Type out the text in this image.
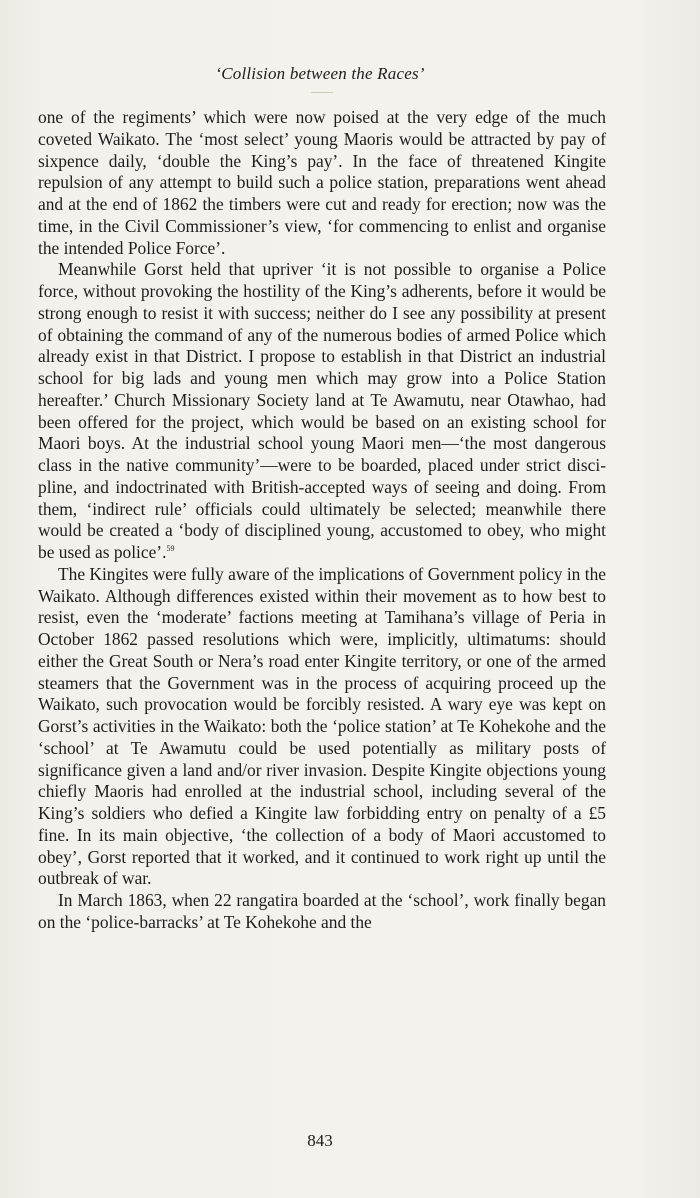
‘Collision between the Races’

one of the regiments’ which were now poised at the very edge of the much coveted Waikato. The ‘most select’ young Maoris would be attracted by pay of sixpence daily, ‘double the King’s pay’. In the face of threatened Kingite repulsion of any attempt to build such a police station, preparations went ahead and at the end of 1862 the timbers were cut and ready for erection; now was the time, in the Civil Commissioner’s view, ‘for commencing to enlist and organise the intended Police Force’.

Meanwhile Gorst held that upriver ‘it is not possible to organise a Police force, without provoking the hostility of the King’s adherents, before it would be strong enough to resist it with success; neither do I see any possibility at present of obtaining the command of any of the numerous bodies of armed Police which already exist in that District. I propose to establish in that District an industrial school for big lads and young men which may grow into a Police Station hereafter.’ Church Missionary Society land at Te Awamutu, near Otawhao, had been offered for the project, which would be based on an existing school for Maori boys. At the industrial school young Maori men—‘the most dangerous class in the native community’—were to be boarded, placed under strict discipline, and indoctrinated with British-accepted ways of seeing and doing. From them, ‘indirect rule’ officials could ultimately be selected; meanwhile there would be created a ‘body of disciplined young, accustomed to obey, who might be used as police’.$^{59}$

The Kingites were fully aware of the implications of Government policy in the Waikato. Although differences existed within their movement as to how best to resist, even the ‘moderate’ factions meeting at Tamihana’s village of Peria in October 1862 passed resolutions which were, implicitly, ultimatums: should either the Great South or Nera’s road enter Kingite territory, or one of the armed steamers that the Government was in the process of acquiring proceed up the Waikato, such provocation would be forcibly resisted. A wary eye was kept on Gorst’s activities in the Waikato: both the ‘police station’ at Te Kohekohe and the ‘school’ at Te Awamutu could be used potentially as military posts of significance given a land and/or river invasion. Despite Kingite objections young chiefly Maoris had enrolled at the industrial school, including several of the King’s soldiers who defied a Kingite law forbidding entry on penalty of a £5 fine. In its main objective, ‘the collection of a body of Maori accustomed to obey’, Gorst reported that it worked, and it continued to work right up until the outbreak of war.

In March 1863, when 22 rangatira boarded at the ‘school’, work finally began on the ‘police-barracks’ at Te Kohekohe and the

843
